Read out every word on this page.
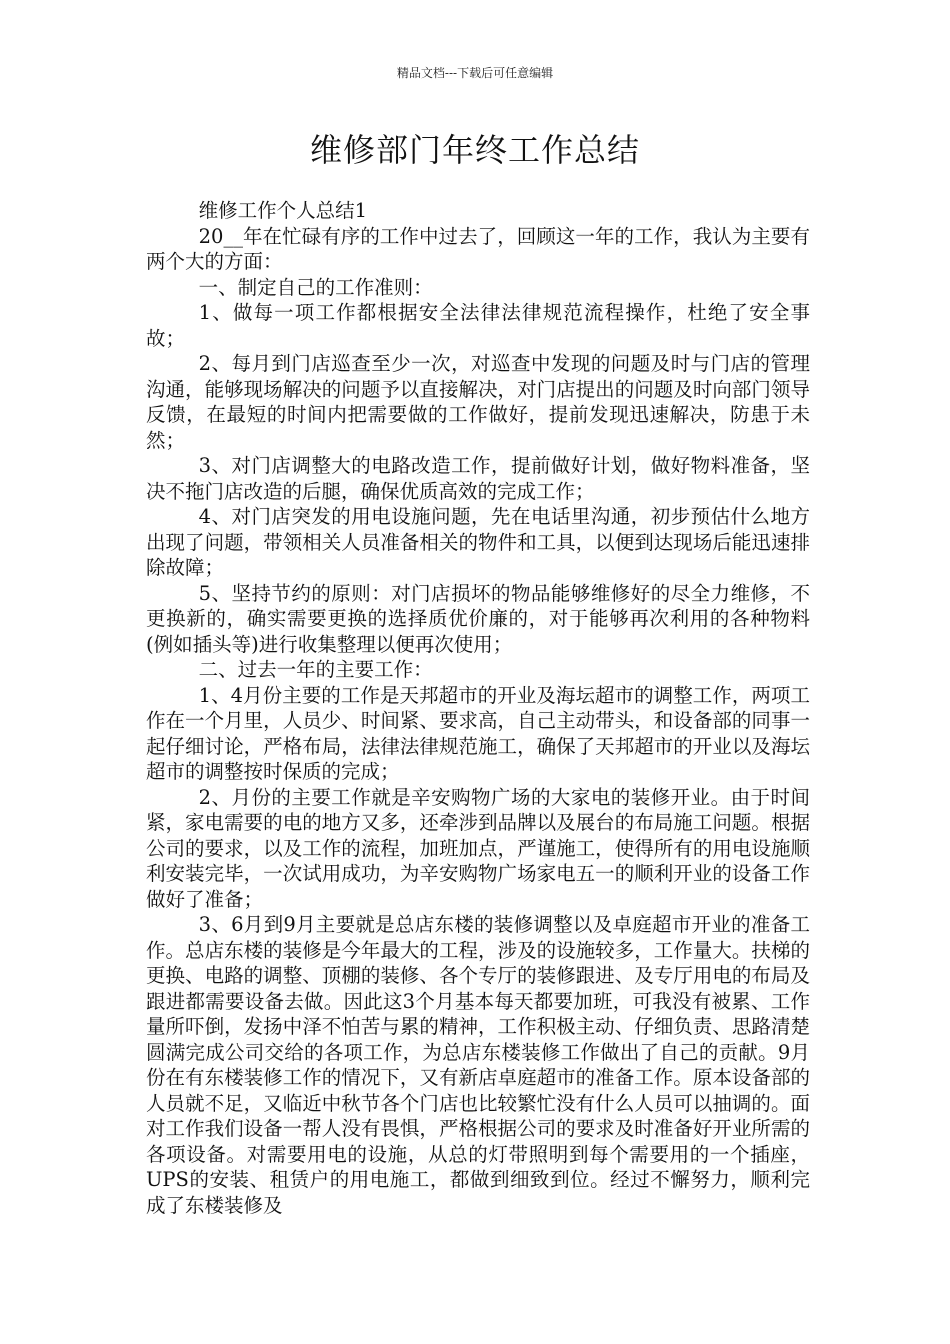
精品文档---下载后可任意编辑
维修部门年终工作总结

维修工作个人总结1

20__年在忙碌有序的工作中过去了，回顾这一年的工作，我认为主要有两个大的方面：

一、制定自己的工作准则：

1、做每一项工作都根据安全法律法律规范流程操作，杜绝了安全事故；

2、每月到门店巡查至少一次，对巡查中发现的问题及时与门店的管理沟通，能够现场解决的问题予以直接解决，对门店提出的问题及时向部门领导反馈，在最短的时间内把需要做的工作做好，提前发现迅速解决，防患于未然；

3、对门店调整大的电路改造工作，提前做好计划，做好物料准备，坚决不拖门店改造的后腿，确保优质高效的完成工作；

4、对门店突发的用电设施问题，先在电话里沟通，初步预估什么地方出现了问题，带领相关人员准备相关的物件和工具，以便到达现场后能迅速排除故障；

5、坚持节约的原则：对门店损坏的物品能够维修好的尽全力维修，不更换新的，确实需要更换的选择质优价廉的，对于能够再次利用的各种物料(例如插头等)进行收集整理以便再次使用；

二、过去一年的主要工作：

1、4月份主要的工作是天邦超市的开业及海坛超市的调整工作，两项工作在一个月里，人员少、时间紧、要求高，自己主动带头，和设备部的同事一起仔细讨论，严格布局，法律法律规范施工，确保了天邦超市的开业以及海坛超市的调整按时保质的完成；

2、月份的主要工作就是辛安购物广场的大家电的装修开业。由于时间紧，家电需要的电的地方又多，还牵涉到品牌以及展台的布局施工问题。根据公司的要求，以及工作的流程，加班加点，严谨施工，使得所有的用电设施顺利安装完毕，一次试用成功，为辛安购物广场家电五一的顺利开业的设备工作做好了准备；

3、6月到9月主要就是总店东楼的装修调整以及卓庭超市开业的准备工作。总店东楼的装修是今年最大的工程，涉及的设施较多，工作量大。扶梯的更换、电路的调整、顶棚的装修、各个专厅的装修跟进、及专厅用电的布局及跟进都需要设备去做。因此这3个月基本每天都要加班，可我没有被累、工作量所吓倒，发扬中泽不怕苦与累的精神，工作积极主动、仔细负责、思路清楚圆满完成公司交给的各项工作，为总店东楼装修工作做出了自己的贡献。9月份在有东楼装修工作的情况下，又有新店卓庭超市的准备工作。原本设备部的人员就不足，又临近中秋节各个门店也比较繁忙没有什么人员可以抽调的。面对工作我们设备一帮人没有畏惧，严格根据公司的要求及时准备好开业所需的各项设备。对需要用电的设施，从总的灯带照明到每个需要用的一个插座，UPS的安装、租赁户的用电施工，都做到细致到位。经过不懈努力，顺利完成了东楼装修及
